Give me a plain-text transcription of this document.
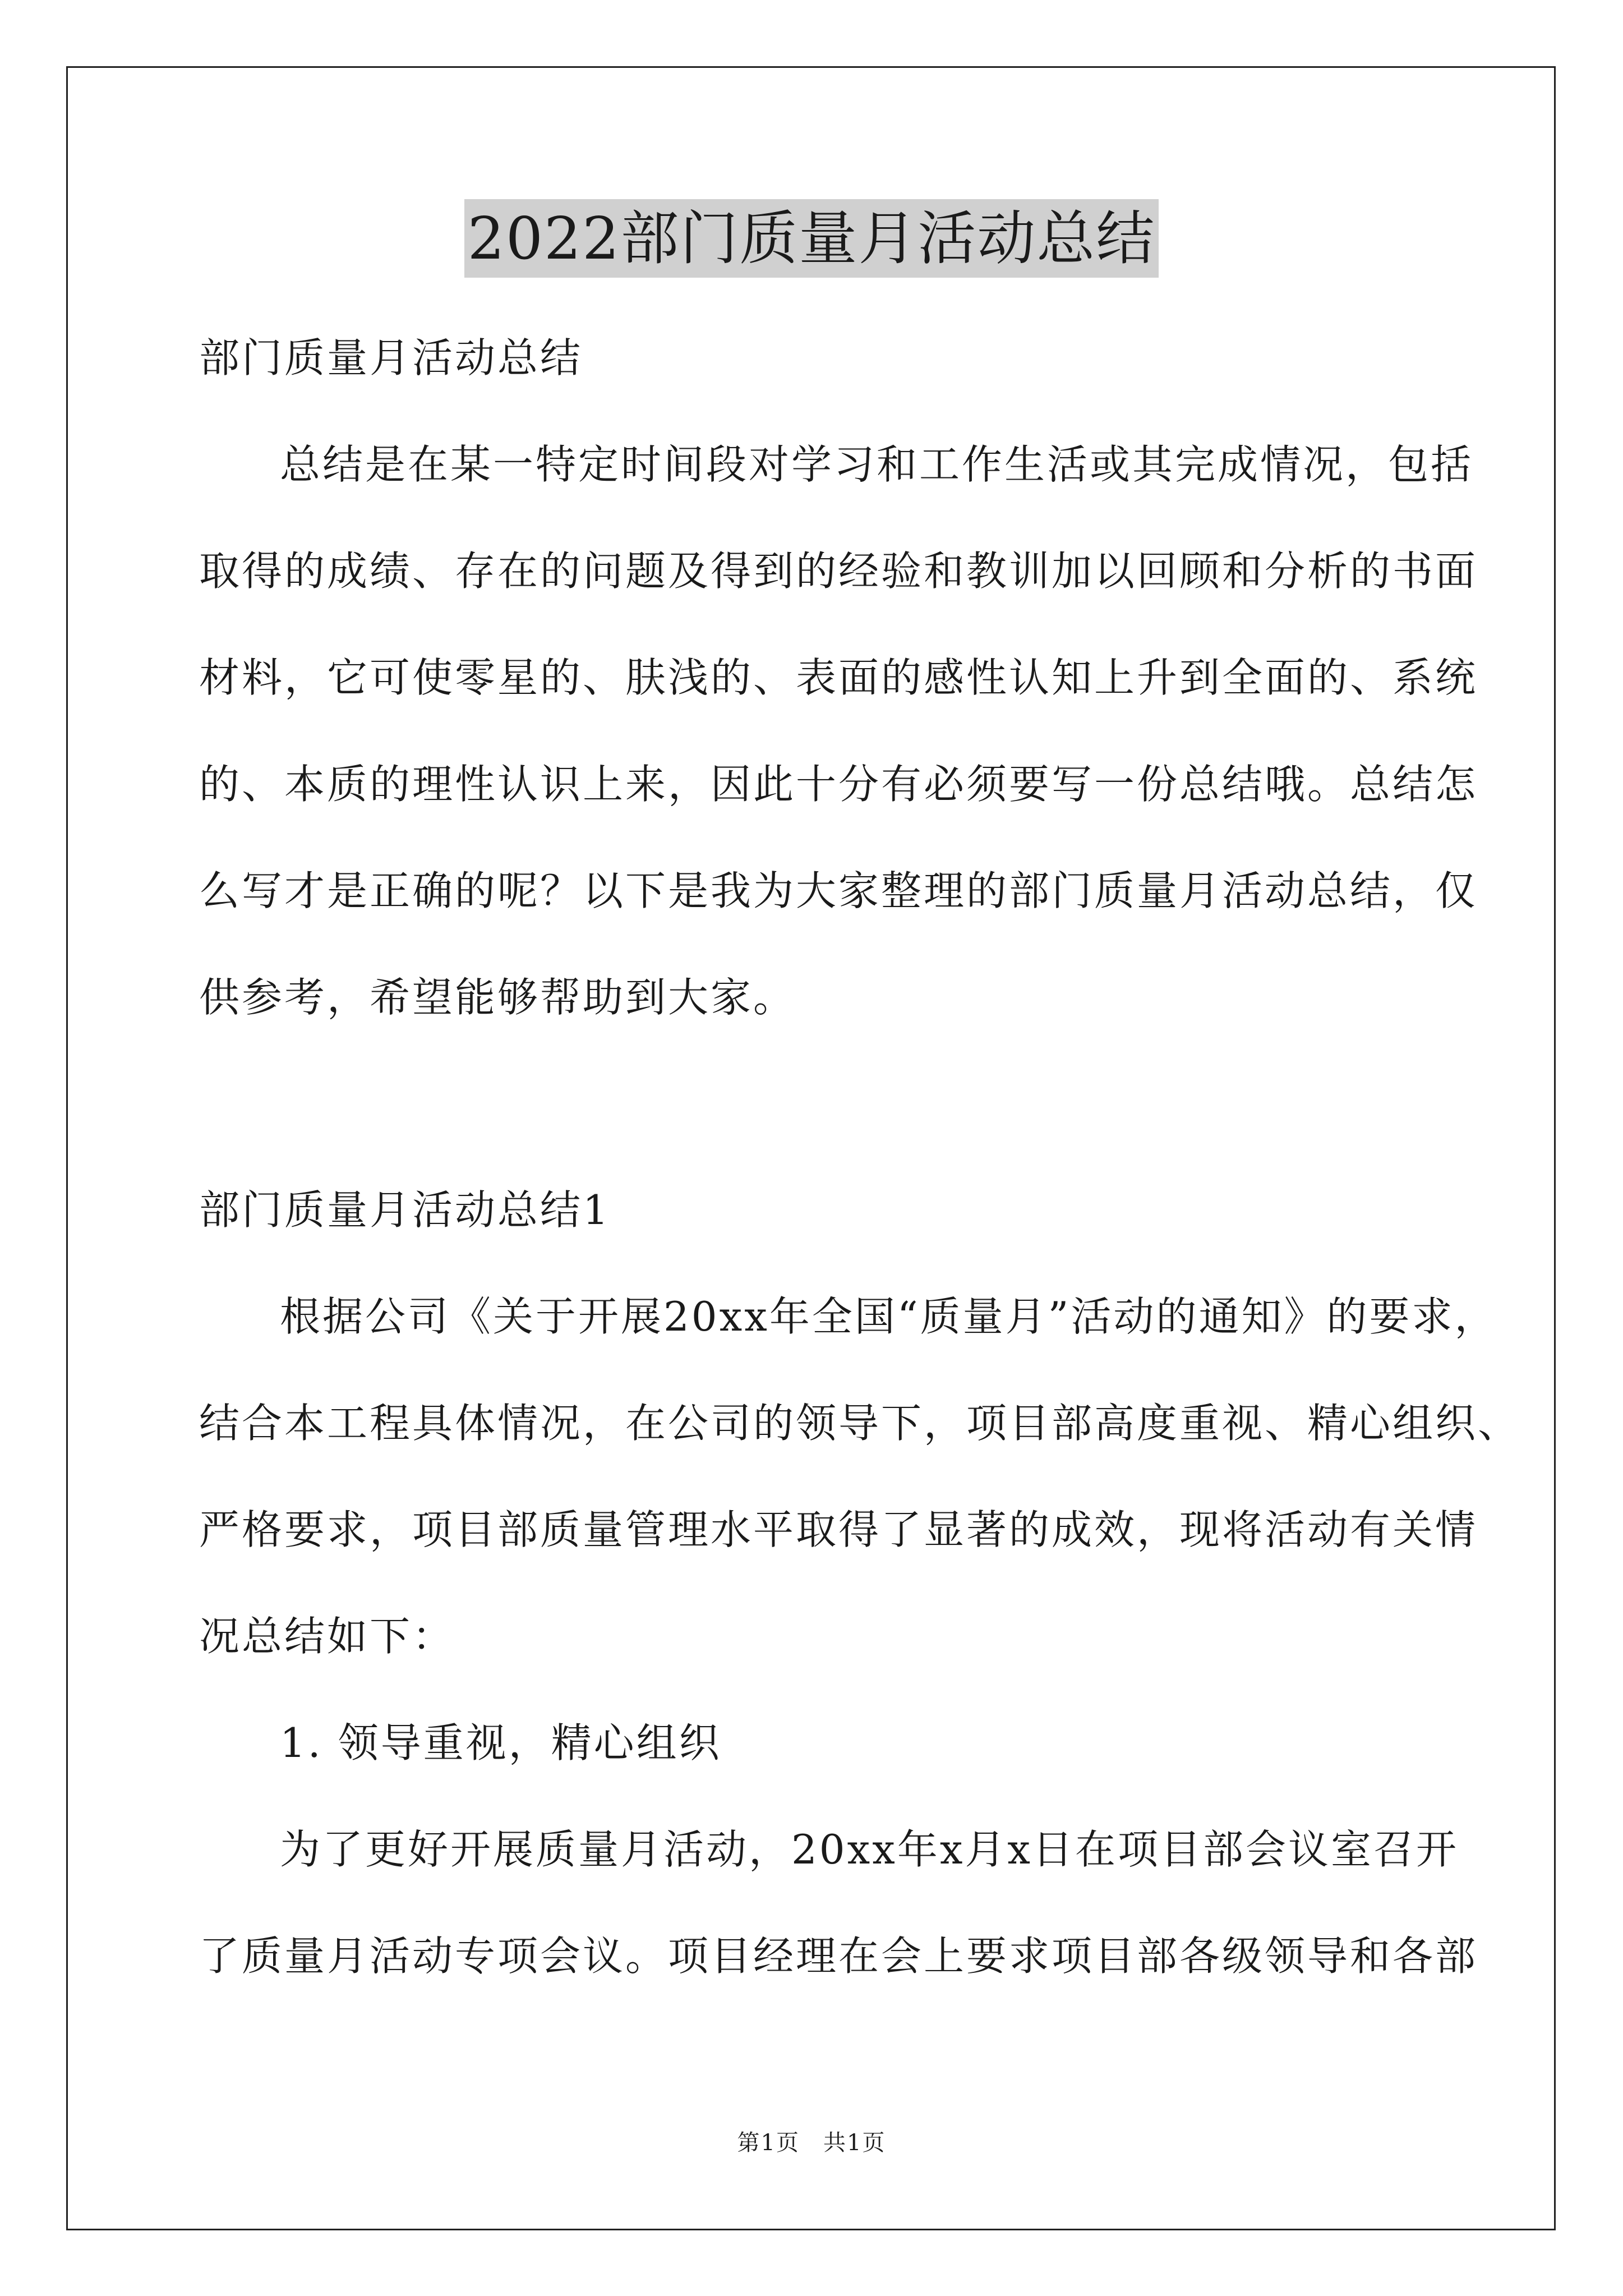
2022部门质量月活动总结
部门质量月活动总结
总结是在某一特定时间段对学习和工作生活或其完成情况，包括
取得的成绩、存在的问题及得到的经验和教训加以回顾和分析的书面
材料，它可使零星的、肤浅的、表面的感性认知上升到全面的、系统
的、本质的理性认识上来，因此十分有必须要写一份总结哦。总结怎
么写才是正确的呢？以下是我为大家整理的部门质量月活动总结，仅
供参考，希望能够帮助到大家。
部门质量月活动总结1
根据公司《关于开展20xx年全国“质量月”活动的通知》的要求，
结合本工程具体情况，在公司的领导下，项目部高度重视、精心组织、
严格要求，项目部质量管理水平取得了显著的成效，现将活动有关情
况总结如下：
1. 领导重视，精心组织
为了更好开展质量月活动，20xx年x月x日在项目部会议室召开
了质量月活动专项会议。项目经理在会上要求项目部各级领导和各部
第1页　共1页
